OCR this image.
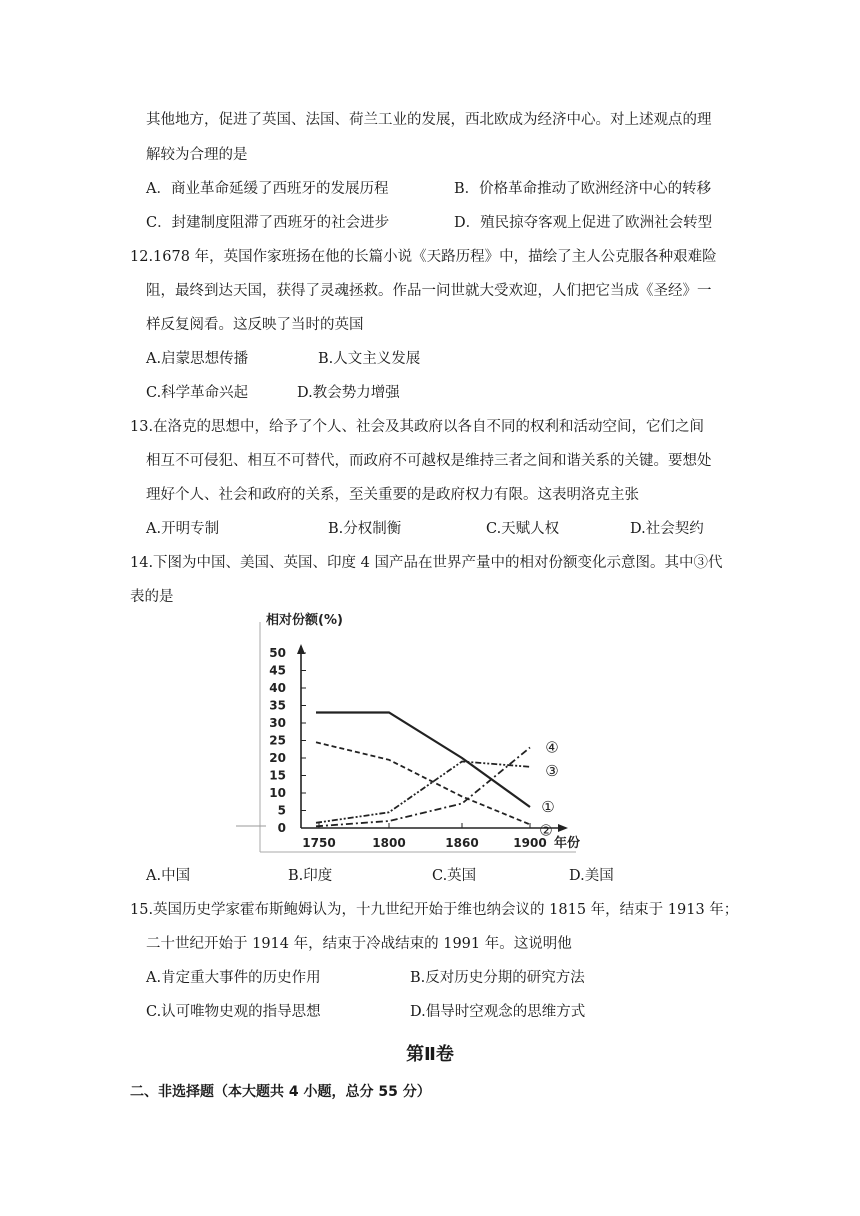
其他地方，促进了英国、法国、荷兰工业的发展，西北欧成为经济中心。对上述观点的理
解较为合理的是
A．商业革命延缓了西班牙的发展历程	B．价格革命推动了欧洲经济中心的转移
C．封建制度阻滞了西班牙的社会进步	D．殖民掠夺客观上促进了欧洲社会转型
12.1678 年，英国作家班扬在他的长篇小说《天路历程》中，描绘了主人公克服各种艰难险
阻，最终到达天国，获得了灵魂拯救。作品一问世就大受欢迎，人们把它当成《圣经》一
样反复阅看。这反映了当时的英国
A.启蒙思想传播	B.人文主义发展
C.科学革命兴起	D.教会势力增强
13.在洛克的思想中，给予了个人、社会及其政府以各自不同的权利和活动空间，它们之间
相互不可侵犯、相互不可替代，而政府不可越权是维持三者之间和谐关系的关键。要想处
理好个人、社会和政府的关系，至关重要的是政府权力有限。这表明洛克主张
A.开明专制	B.分权制衡	C.天赋人权	D.社会契约
14.下图为中国、美国、英国、印度 4 国产品在世界产量中的相对份额变化示意图。其中③代
表的是
相对份额(%)
年份
0
5
10
15
20
25
30
35
40
45
50
1750	1800	1860	1900
①
②
③
④
A.中国	B.印度	C.英国	D.美国
15.英国历史学家霍布斯鲍姆认为，十九世纪开始于维也纳会议的 1815 年，结束于 1913 年；
二十世纪开始于 1914 年，结束于冷战结束的 1991 年。这说明他
A.肯定重大事件的历史作用	B.反对历史分期的研究方法
C.认可唯物史观的指导思想	D.倡导时空观念的思维方式
第Ⅱ卷
二、非选择题（本大题共 4 小题，总分 55 分）
